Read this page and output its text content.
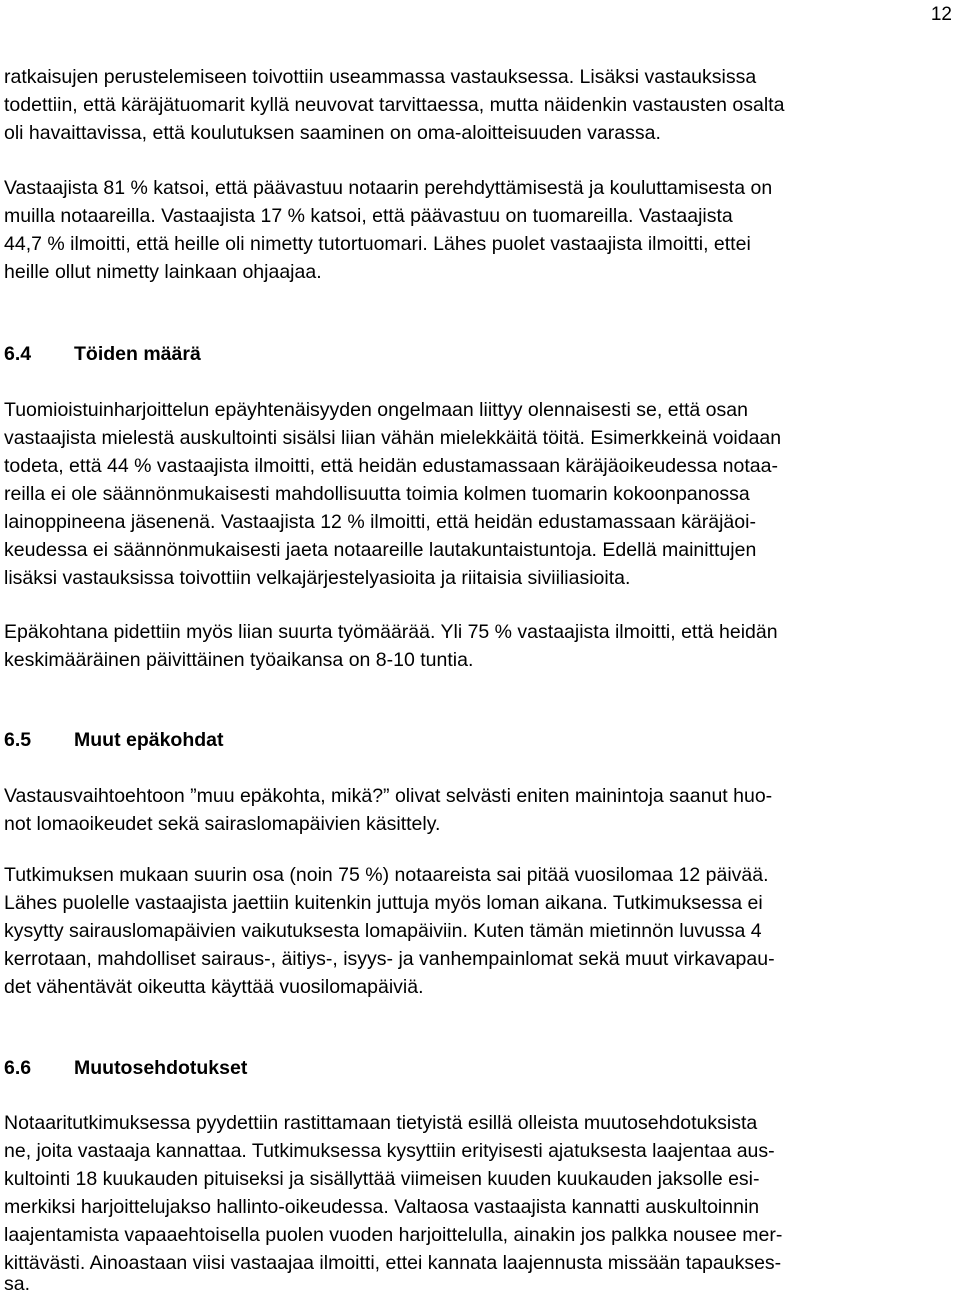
12
ratkaisujen perustelemiseen toivottiin useammassa vastauksessa. Lisäksi vastauksissa
todettiin, että käräjätuomarit kyllä neuvovat tarvittaessa, mutta näidenkin vastausten osalta
oli havaittavissa, että koulutuksen saaminen on oma-aloitteisuuden varassa.
Vastaajista 81 % katsoi, että päävastuu notaarin perehdyttämisestä ja kouluttamisesta on
muilla notaareilla. Vastaajista 17 % katsoi, että päävastuu on tuomareilla. Vastaajista
44,7 % ilmoitti, että heille oli nimetty tutortuomari. Lähes puolet vastaajista ilmoitti, ettei
heille ollut nimetty lainkaan ohjaajaa.
6.4 Töiden määrä
Tuomioistuinharjoittelun epäyhtenäisyyden ongelmaan liittyy olennaisesti se, että osan
vastaajista mielestä auskultointi sisälsi liian vähän mielekkäitä töitä. Esimerkkeinä voidaan
todeta, että 44 % vastaajista ilmoitti, että heidän edustamassaan käräjäoikeudessa notaa-
reilla ei ole säännönmukaisesti mahdollisuutta toimia kolmen tuomarin kokoonpanossa
lainoppineena jäsenenä. Vastaajista 12 % ilmoitti, että heidän edustamassaan käräjäoi-
keudessa ei säännönmukaisesti jaeta notaareille lautakuntaistuntoja. Edellä mainittujen
lisäksi vastauksissa toivottiin velkajärjestelyasioita ja riitaisia siviiliasioita.
Epäkohtana pidettiin myös liian suurta työmäärää. Yli 75 % vastaajista ilmoitti, että heidän
keskimääräinen päivittäinen työaikansa on 8-10 tuntia.
6.5 Muut epäkohdat
Vastausvaihtoehtoon ”muu epäkohta, mikä?” olivat selvästi eniten mainintoja saanut huo-
not lomaoikeudet sekä sairaslomapäivien käsittely.
Tutkimuksen mukaan suurin osa (noin 75 %) notaareista sai pitää vuosilomaa 12 päivää.
Lähes puolelle vastaajista jaettiin kuitenkin juttuja myös loman aikana. Tutkimuksessa ei
kysytty sairauslomapäivien vaikutuksesta lomapäiviin. Kuten tämän mietinnön luvussa 4
kerrotaan, mahdolliset sairaus-, äitiys-, isyys- ja vanhempainlomat sekä muut virkavapau-
det vähentävät oikeutta käyttää vuosilomapäiviä.
6.6 Muutosehdotukset
Notaaritutkimuksessa pyydettiin rastittamaan tietyistä esillä olleista muutosehdotuksista
ne, joita vastaaja kannattaa. Tutkimuksessa kysyttiin erityisesti ajatuksesta laajentaa aus-
kultointi 18 kuukauden pituiseksi ja sisällyttää viimeisen kuuden kuukauden jaksolle esi-
merkiksi harjoittelujakso hallinto-oikeudessa. Valtaosa vastaajista kannatti auskultoinnin
laajentamista vapaaehtoisella puolen vuoden harjoittelulla, ainakin jos palkka nousee mer-
kittävästi. Ainoastaan viisi vastaajaa ilmoitti, ettei kannata laajennusta missään tapaukses-
sa.
